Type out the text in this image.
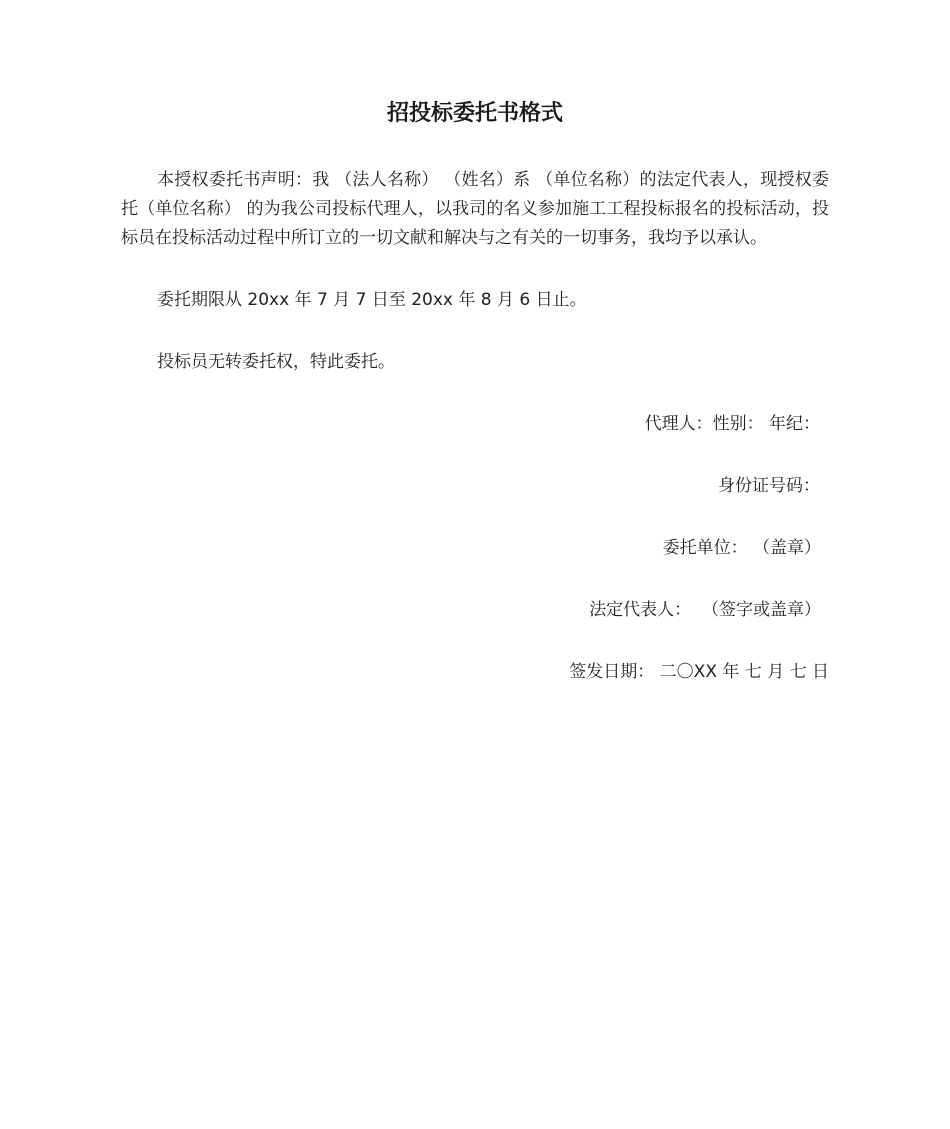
招投标委托书格式

本授权委托书声明：我 （法人名称） （姓名）系 （单位名称）的法定代表人，现授权委托（单位名称） 的为我公司投标代理人，以我司的名义参加施工工程投标报名的投标活动，投标员在投标活动过程中所订立的一切文献和解决与之有关的一切事务，我均予以承认。

委托期限从 20xx 年 7 月 7 日至 20xx 年 8 月 6 日止。

投标员无转委托权，特此委托。

代理人：性别： 年纪：

身份证号码：

委托单位： （盖章）

法定代表人：  （签字或盖章）

签发日期： 二〇XX 年 七 月 七 日
